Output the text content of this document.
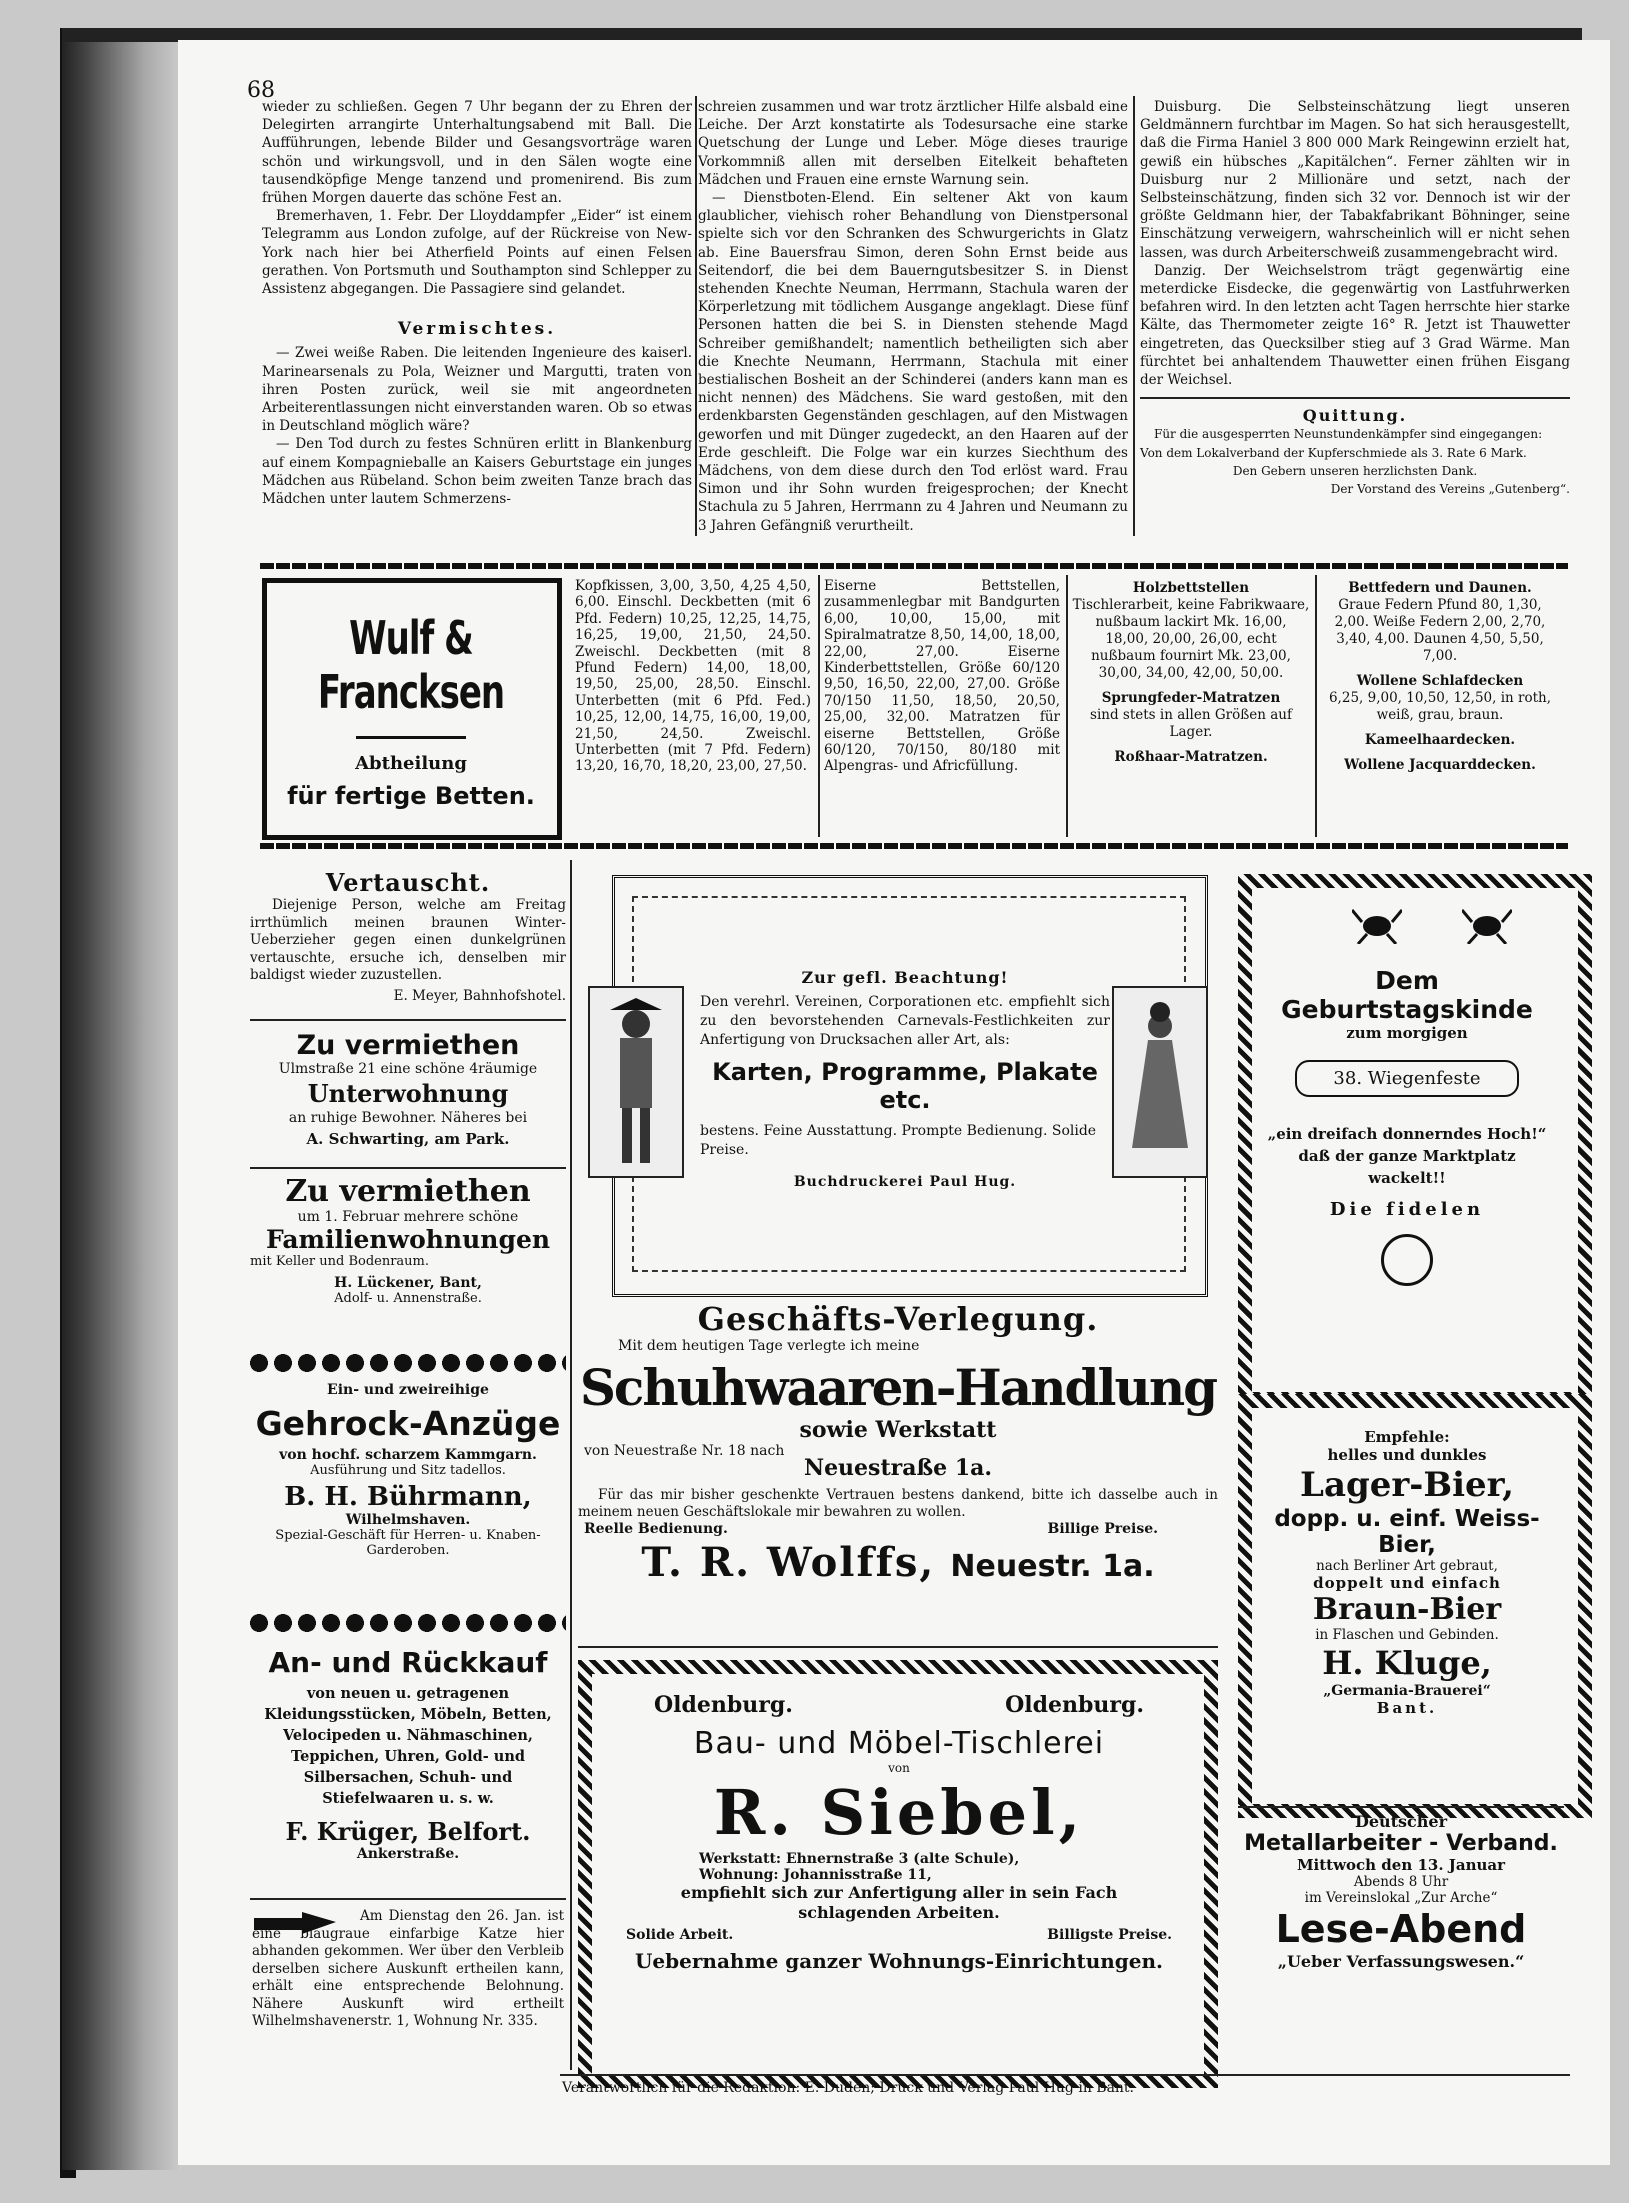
68

wieder zu schließen. Gegen 7 Uhr begann der zu Ehren der Delegirten arrangirte Unterhaltungsabend mit Ball. Die Aufführungen, lebende Bilder und Gesangsvorträge waren schön und wirkungsvoll, und in den Sälen wogte eine tausendköpfige Menge tanzend und promenirend. Bis zum frühen Morgen dauerte das schöne Fest an.

Bremerhaven, 1. Febr. Der Lloyddampfer „Eider“ ist einem Telegramm aus London zufolge, auf der Rückreise von New-York nach hier bei Atherfield Points auf einen Felsen gerathen. Von Portsmuth und Southampton sind Schlepper zu Assistenz abgegangen. Die Passagiere sind gelandet.

Vermischtes.

— Zwei weiße Raben. Die leitenden Ingenieure des kaiserl. Marinearsenals zu Pola, Weizner und Margutti, traten von ihren Posten zurück, weil sie mit angeordneten Arbeiterentlassungen nicht einverstanden waren. Ob so etwas in Deutschland möglich wäre?

— Den Tod durch zu festes Schnüren erlitt in Blankenburg auf einem Kompagnieballe an Kaisers Geburtstage ein junges Mädchen aus Rübeland. Schon beim zweiten Tanze brach das Mädchen unter lautem Schmerzens-

schreien zusammen und war trotz ärztlicher Hilfe alsbald eine Leiche. Der Arzt konstatirte als Todesursache eine starke Quetschung der Lunge und Leber. Möge dieses traurige Vorkommniß allen mit derselben Eitelkeit behafteten Mädchen und Frauen eine ernste Warnung sein.

— Dienstboten-Elend. Ein seltener Akt von kaum glaublicher, viehisch roher Behandlung von Dienstpersonal spielte sich vor den Schranken des Schwurgerichts in Glatz ab. Eine Bauersfrau Simon, deren Sohn Ernst beide aus Seitendorf, die bei dem Bauerngutsbesitzer S. in Dienst stehenden Knechte Neuman, Herrmann, Stachula waren der Körperletzung mit tödlichem Ausgange angeklagt. Diese fünf Personen hatten die bei S. in Diensten stehende Magd Schreiber gemißhandelt; namentlich betheiligten sich aber die Knechte Neumann, Herrmann, Stachula mit einer bestialischen Bosheit an der Schinderei (anders kann man es nicht nennen) des Mädchens. Sie ward gestoßen, mit den erdenkbarsten Gegenständen geschlagen, auf den Mistwagen geworfen und mit Dünger zugedeckt, an den Haaren auf der Erde geschleift. Die Folge war ein kurzes Siechthum des Mädchens, von dem diese durch den Tod erlöst ward. Frau Simon und ihr Sohn wurden freigesprochen; der Knecht Stachula zu 5 Jahren, Herrmann zu 4 Jahren und Neumann zu 3 Jahren Gefängniß verurtheilt.

Duisburg. Die Selbsteinschätzung liegt unseren Geldmännern furchtbar im Magen. So hat sich herausgestellt, daß die Firma Haniel 3 800 000 Mark Reingewinn erzielt hat, gewiß ein hübsches „Kapitälchen“. Ferner zählten wir in Duisburg nur 2 Millionäre und setzt, nach der Selbsteinschätzung, finden sich 32 vor. Dennoch ist wir der größte Geldmann hier, der Tabakfabrikant Böhninger, seine Einschätzung verweigern, wahrscheinlich will er nicht sehen lassen, was durch Arbeiterschweiß zusammengebracht wird.

Danzig. Der Weichselstrom trägt gegenwärtig eine meterdicke Eisdecke, die gegenwärtig von Lastfuhrwerken befahren wird. In den letzten acht Tagen herrschte hier starke Kälte, das Thermometer zeigte 16° R. Jetzt ist Thauwetter eingetreten, das Quecksilber stieg auf 3 Grad Wärme. Man fürchtet bei anhaltendem Thauwetter einen frühen Eisgang der Weichsel.

Quittung.

Für die ausgesperrten Neunstundenkämpfer sind eingegangen:

Von dem Lokalverband der Kupferschmiede als 3. Rate 6 Mark.

Den Gebern unseren herzlichsten Dank.

Der Vorstand des Vereins „Gutenberg“.

Wulf & Francksen
Abtheilung
für fertige Betten.
Kopfkissen, 3,00, 3,50, 4,25 4,50, 6,00. Einschl. Deckbetten (mit 6 Pfd. Federn) 10,25, 12,25, 14,75, 16,25, 19,00, 21,50, 24,50. Zweischl. Deckbetten (mit 8 Pfund Federn) 14,00, 18,00, 19,50, 25,00, 28,50. Einschl. Unterbetten (mit 6 Pfd. Fed.) 10,25, 12,00, 14,75, 16,00, 19,00, 21,50, 24,50. Zweischl. Unterbetten (mit 7 Pfd. Federn) 13,20, 16,70, 18,20, 23,00, 27,50.
Eiserne Bettstellen, zusammenlegbar mit Bandgurten 6,00, 10,00, 15,00, mit Spiralmatratze 8,50, 14,00, 18,00, 22,00, 27,00. Eiserne Kinderbettstellen, Größe 60/120 9,50, 16,50, 22,00, 27,00. Größe 70/150 11,50, 18,50, 20,50, 25,00, 32,00. Matratzen für eiserne Bettstellen, Größe 60/120, 70/150, 80/180 mit Alpengras- und Africfüllung.
Holzbettstellen
Tischlerarbeit, keine Fabrikwaare, nußbaum lackirt Mk. 16,00, 18,00, 20,00, 26,00, echt nußbaum fournirt Mk. 23,00, 30,00, 34,00, 42,00, 50,00.
Sprungfeder-Matratzen
sind stets in allen Größen auf Lager.
Roßhaar-Matratzen.
Bettfedern und Daunen.
Graue Federn Pfund 80, 1,30, 2,00. Weiße Federn 2,00, 2,70, 3,40, 4,00. Daunen 4,50, 5,50, 7,00.
Wollene Schlafdecken
6,25, 9,00, 10,50, 12,50, in roth, weiß, grau, braun.
Kameelhaardecken.
Wollene Jacquarddecken.
Vertauscht.
Diejenige Person, welche am Freitag irrthümlich meinen braunen Winter-Ueberzieher gegen einen dunkelgrünen vertauschte, ersuche ich, denselben mir baldigst wieder zuzustellen.
E. Meyer, Bahnhofshotel.
Zu vermiethen
Ulmstraße 21 eine schöne 4räumige
Unterwohnung
an ruhige Bewohner. Näheres bei
A. Schwarting, am Park.
Zu vermiethen
um 1. Februar mehrere schöne
Familienwohnungen
mit Keller und Bodenraum.
H. Lückener, Bant,
Adolf- u. Annenstraße.
Ein- und zweireihige
Gehrock-Anzüge
von hochf. scharzem Kammgarn.
Ausführung und Sitz tadellos.
B. H. Bührmann,
Wilhelmshaven.
Spezial-Geschäft für Herren- u. Knaben-Garderoben.
An- und Rückkauf
von neuen u. getragenen Kleidungsstücken, Möbeln, Betten, Velocipeden u. Nähmaschinen, Teppichen, Uhren, Gold- und Silbersachen, Schuh- und Stiefelwaaren u. s. w.
F. Krüger, Belfort.
Ankerstraße.
Am Dienstag den 26. Jan. ist eine blaugraue einfarbige Katze hier abhanden gekommen. Wer über den Verbleib derselben sichere Auskunft ertheilen kann, erhält eine entsprechende Belohnung. Nähere Auskunft wird ertheilt Wilhelmshavenerstr. 1, Wohnung Nr. 335.
Zur gefl. Beachtung!
Den verehrl. Vereinen, Corporationen etc. empfiehlt sich zu den bevorstehenden Carnevals-Festlichkeiten zur Anfertigung von Drucksachen aller Art, als:
Karten, Programme, Plakate etc.
bestens. Feine Ausstattung. Prompte Bedienung. Solide Preise.
Buchdruckerei Paul Hug.
Geschäfts-Verlegung.
Mit dem heutigen Tage verlegte ich meine
Schuhwaaren-Handlung
sowie Werkstatt
von Neuestraße Nr. 18 nach
Neuestraße 1a.
Für das mir bisher geschenkte Vertrauen bestens dankend, bitte ich dasselbe auch in meinem neuen Geschäftslokale mir bewahren zu wollen.
Reelle Bedienung.	Billige Preise.
T. R. Wolffs, Neuestr. 1a.
Oldenburg.	Oldenburg.
Bau- und Möbel-Tischlerei
von
R. Siebel,
Werkstatt: Ehnernstraße 3 (alte Schule),
Wohnung: Johannisstraße 11,
empfiehlt sich zur Anfertigung aller in sein Fach schlagenden Arbeiten.
Solide Arbeit.	Billigste Preise.
Uebernahme ganzer Wohnungs-Einrichtungen.
Dem Geburtstagskinde
zum morgigen
38. Wiegenfeste
„ein dreifach donnerndes Hoch!“ daß der ganze Marktplatz wackelt!!
Die fidelen
Empfehle:
helles und dunkles
Lager-Bier,
dopp. u. einf. Weiss-Bier,
nach Berliner Art gebraut,
doppelt und einfach
Braun-Bier
in Flaschen und Gebinden.
H. Kluge,
„Germania-Brauerei“
Bant.
Deutscher
Metallarbeiter - Verband.
Mittwoch den 13. Januar
Abends 8 Uhr
im Vereinslokal „Zur Arche“
Lese-Abend
„Ueber Verfassungswesen.“
Verantwortlich für die Redaktion: E. Duden; Druck und Verlag Paul Hug in Bant.
